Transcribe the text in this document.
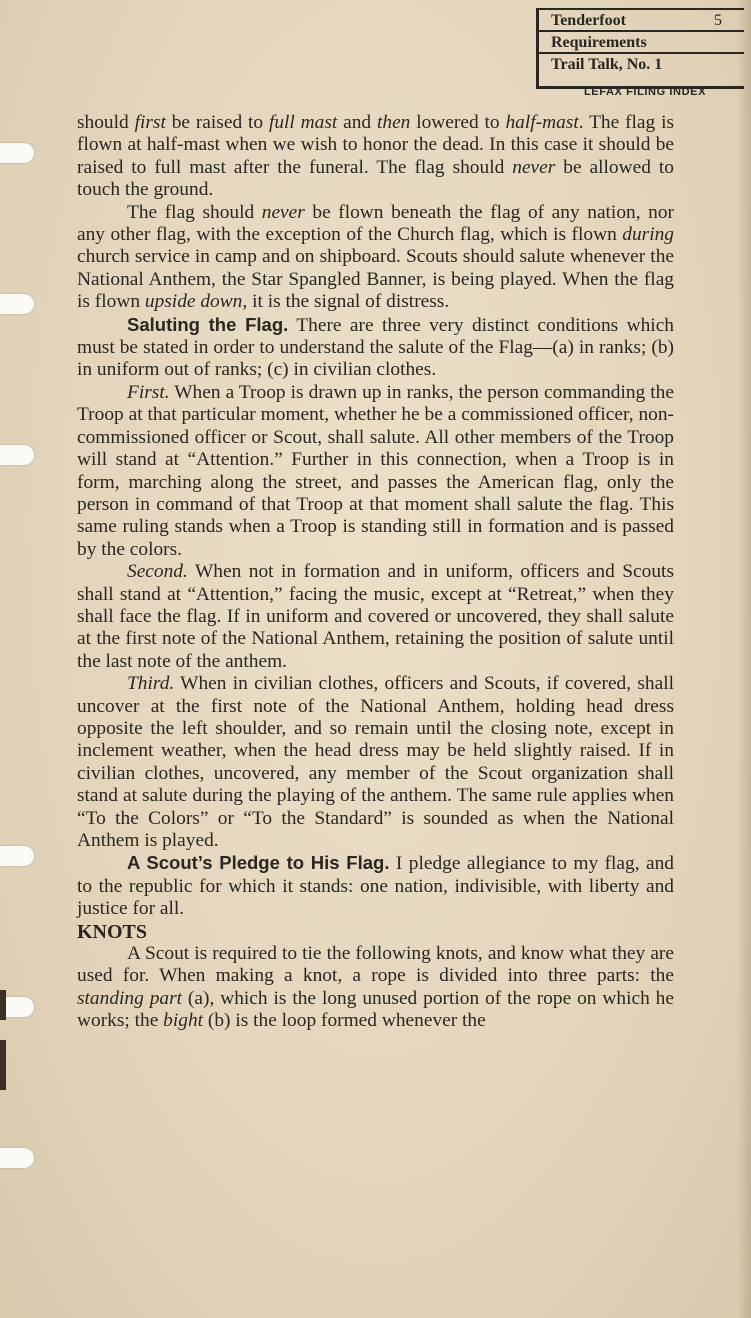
Tenderfoot	5
Requirements
Trail Talk, No. 1
LEFAX FILING INDEX

should first be raised to full mast and then lowered to half-mast. The flag is flown at half-mast when we wish to honor the dead. In this case it should be raised to full mast after the funeral. The flag should never be allowed to touch the ground.

The flag should never be flown beneath the flag of any nation, nor any other flag, with the exception of the Church flag, which is flown during church service in camp and on shipboard. Scouts should salute whenever the National Anthem, the Star Spangled Banner, is being played. When the flag is flown upside down, it is the signal of distress.

Saluting the Flag. There are three very distinct conditions which must be stated in order to understand the salute of the Flag—(a) in ranks; (b) in uniform out of ranks; (c) in civilian clothes.

First. When a Troop is drawn up in ranks, the person commanding the Troop at that particular moment, whether he be a commissioned officer, non-commissioned officer or Scout, shall salute. All other members of the Troop will stand at “Attention.” Further in this connection, when a Troop is in form, marching along the street, and passes the American flag, only the person in command of that Troop at that moment shall salute the flag. This same ruling stands when a Troop is standing still in formation and is passed by the colors.

Second. When not in formation and in uniform, officers and Scouts shall stand at “Attention,” facing the music, except at “Retreat,” when they shall face the flag. If in uniform and covered or uncovered, they shall salute at the first note of the National Anthem, retaining the position of salute until the last note of the anthem.

Third. When in civilian clothes, officers and Scouts, if covered, shall uncover at the first note of the National Anthem, holding head dress opposite the left shoulder, and so remain until the closing note, except in inclement weather, when the head dress may be held slightly raised. If in civilian clothes, uncovered, any member of the Scout organization shall stand at salute during the playing of the anthem. The same rule applies when “To the Colors” or “To the Standard” is sounded as when the National Anthem is played.

A Scout’s Pledge to His Flag. I pledge allegiance to my flag, and to the republic for which it stands: one nation, indivisible, with liberty and justice for all.

KNOTS

A Scout is required to tie the following knots, and know what they are used for. When making a knot, a rope is divided into three parts: the standing part (a), which is the long unused portion of the rope on which he works; the bight (b) is the loop formed whenever the
